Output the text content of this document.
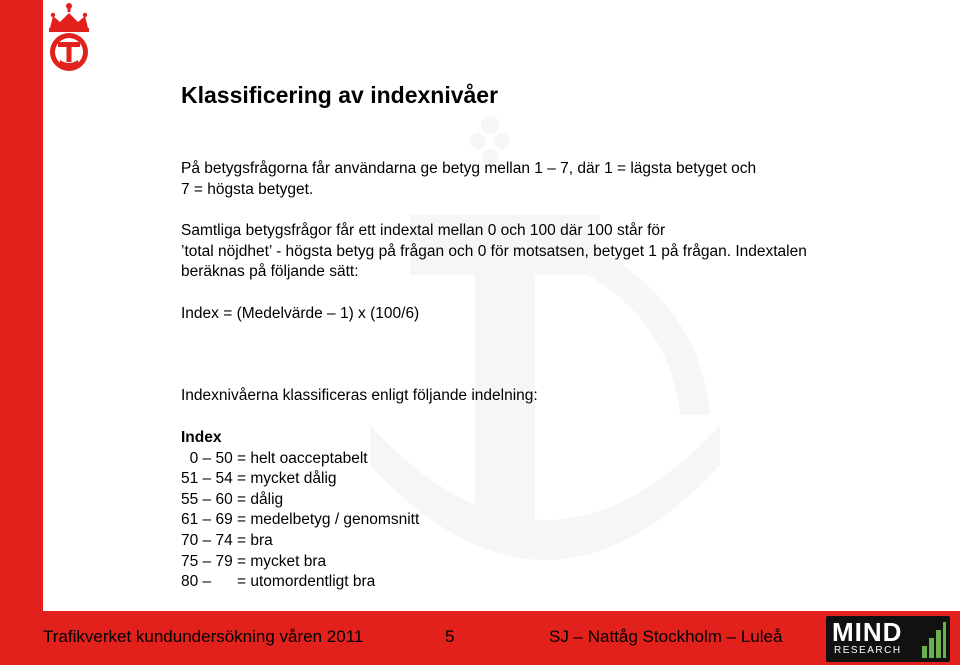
Klassificering av indexnivåer
På betygsfrågorna får användarna ge betyg mellan 1 – 7, där 1 = lägsta betyget och
7 = högsta betyget.
Samtliga betygsfrågor får ett indextal mellan 0 och 100 där 100 står för
’total nöjdhet’ - högsta betyg på frågan och 0 för motsatsen, betyget 1 på frågan. Indextalen
beräknas på följande sätt:
Index = (Medelvärde – 1) x (100/6)
Indexnivåerna klassificeras enligt följande indelning:
Index
0 – 50 = helt oacceptabelt
51 – 54 = mycket dålig
55 – 60 = dålig
61 – 69 = medelbetyg / genomsnitt
70 – 74 = bra
75 – 79 = mycket bra
80 –      = utomordentligt bra
Trafikverket kundundersökning våren 2011	5	SJ – Nattåg Stockholm – Luleå MIND
RESEARCH
